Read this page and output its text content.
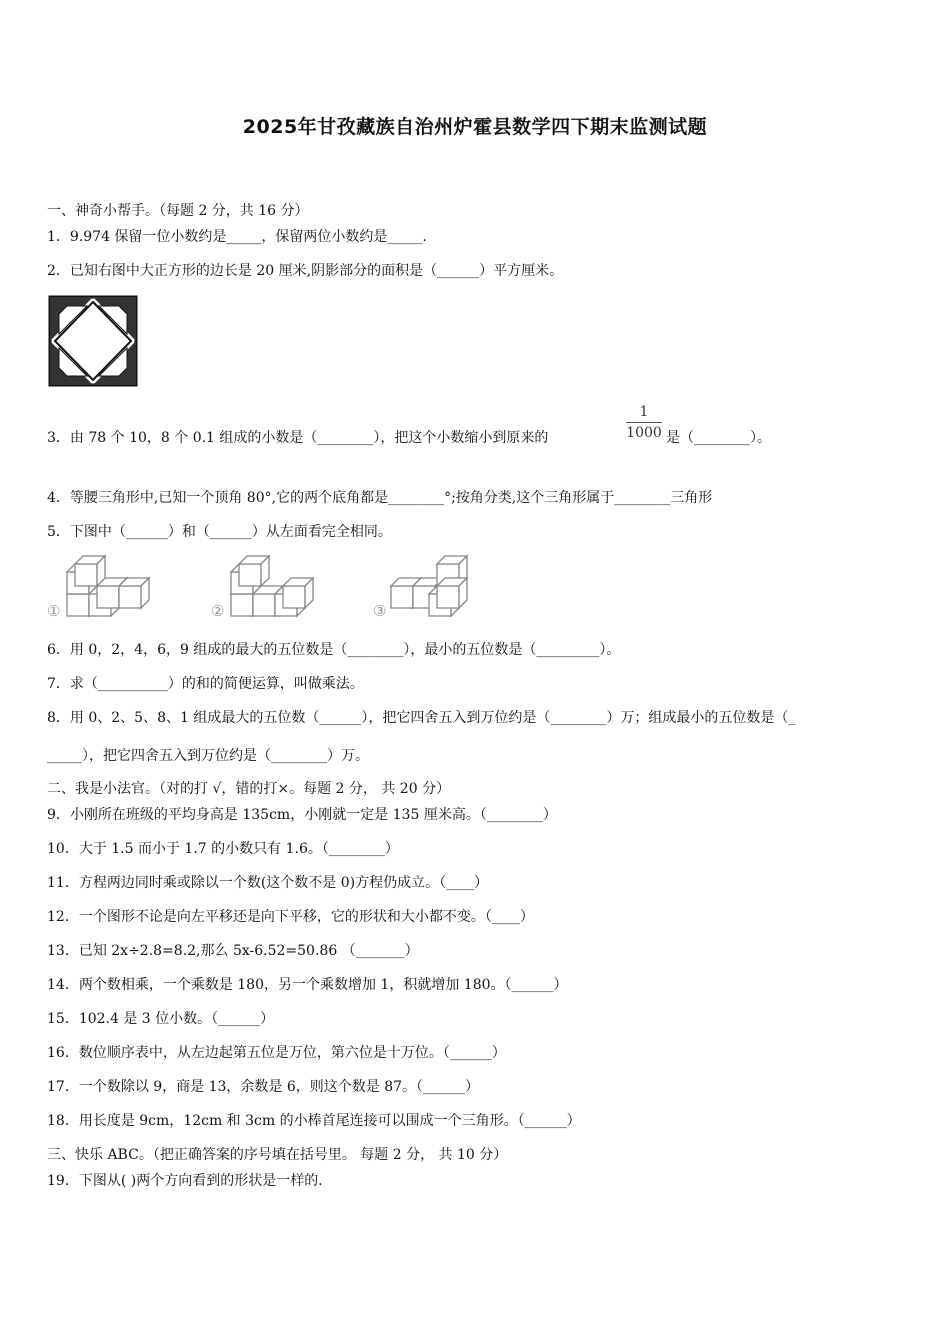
2025年甘孜藏族自治州炉霍县数学四下期末监测试题
一、神奇小帮手。（每题 2 分，共 16 分）
1．9.974 保留一位小数约是_____，保留两位小数约是_____.
2．已知右图中大正方形的边长是 20 厘米,阴影部分的面积是（______）平方厘米。
3．由 78 个 10，8 个 0.1 组成的小数是（________），把这个小数缩小到原来的
1
1000 是（________）。
4．等腰三角形中,已知一个顶角 80°,它的两个底角都是________°;按角分类,这个三角形属于________三角形
5．下图中（______）和（______）从左面看完全相同。
①	②	③
6．用 0，2，4，6，9 组成的最大的五位数是（________），最小的五位数是（_________）。
7．求（__________）的和的简便运算，叫做乘法。
8．用 0、2、5、8、1 组成最大的五位数（______），把它四舍五入到万位约是（________）万；组成最小的五位数是（_
_____），把它四舍五入到万位约是（________）万。
二、我是小法官。（对的打 √，错的打×。每题 2 分， 共 20 分）
9．小刚所在班级的平均身高是 135cm，小刚就一定是 135 厘米高。（________）
10．大于 1.5 而小于 1.7 的小数只有 1.6。（________）
11．方程两边同时乘或除以一个数(这个数不是 0)方程仍成立。（____）
12．一个图形不论是向左平移还是向下平移，它的形状和大小都不变。（____）
13．已知 2x÷2.8=8.2,那么 5x-6.52=50.86 （_______）
14．两个数相乘，一个乘数是 180，另一个乘数增加 1，积就增加 180。（______）
15．102.4 是 3 位小数。（______）
16．数位顺序表中，从左边起第五位是万位，第六位是十万位。（______）
17．一个数除以 9，商是 13，余数是 6，则这个数是 87。（______）
18．用长度是 9cm，12cm 和 3cm 的小棒首尾连接可以围成一个三角形。（______）
三、快乐 ABC。（把正确答案的序号填在括号里。 每题 2 分， 共 10 分）
19．下图从( )两个方向看到的形状是一样的.
